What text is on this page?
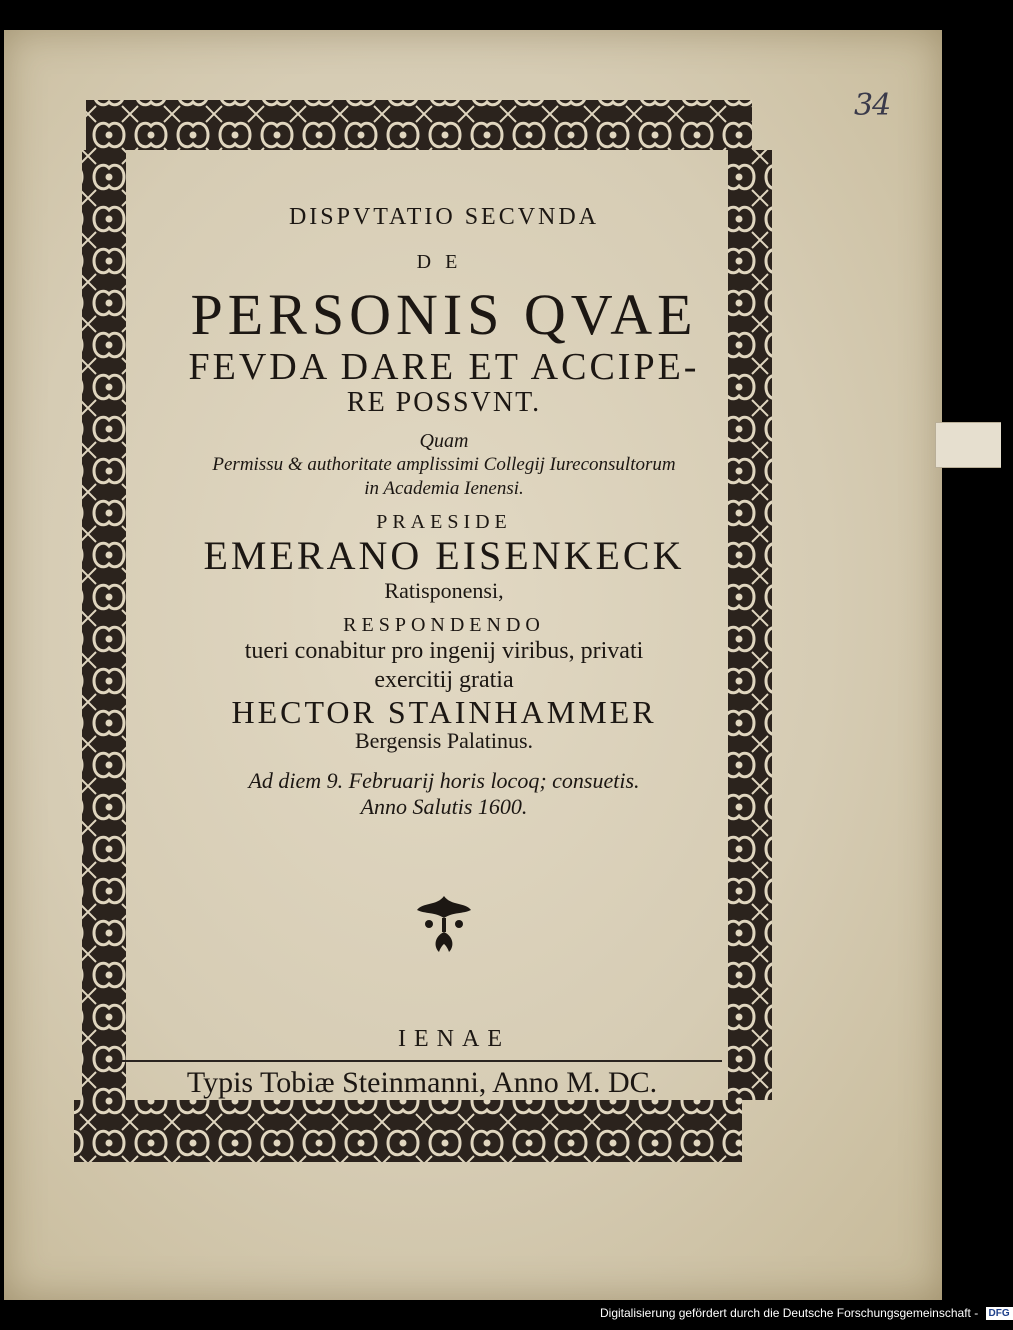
34
DISPVTATIO SECVNDA
DE
PERSONIS QVAE
FEVDA DARE ET ACCIPE-
RE POSSVNT.
Quam
Permissu & authoritate amplissimi Collegij Iureconsultorum
in Academia Ienensi.
PRAESIDE
EMERANO EISENKECK
Ratisponensi,
RESPONDENDO
tueri conabitur pro ingenij viribus, privati
exercitij gratia
HECTOR STAINHAMMER
Bergensis Palatinus.
Ad diem 9. Februarij horis locoq; consuetis.
Anno Salutis 1600.
IENAE
Typis Tobiæ Steinmanni, Anno M. DC.
Digitalisierung gefördert durch die Deutsche Forschungsgemeinschaft - DFG
